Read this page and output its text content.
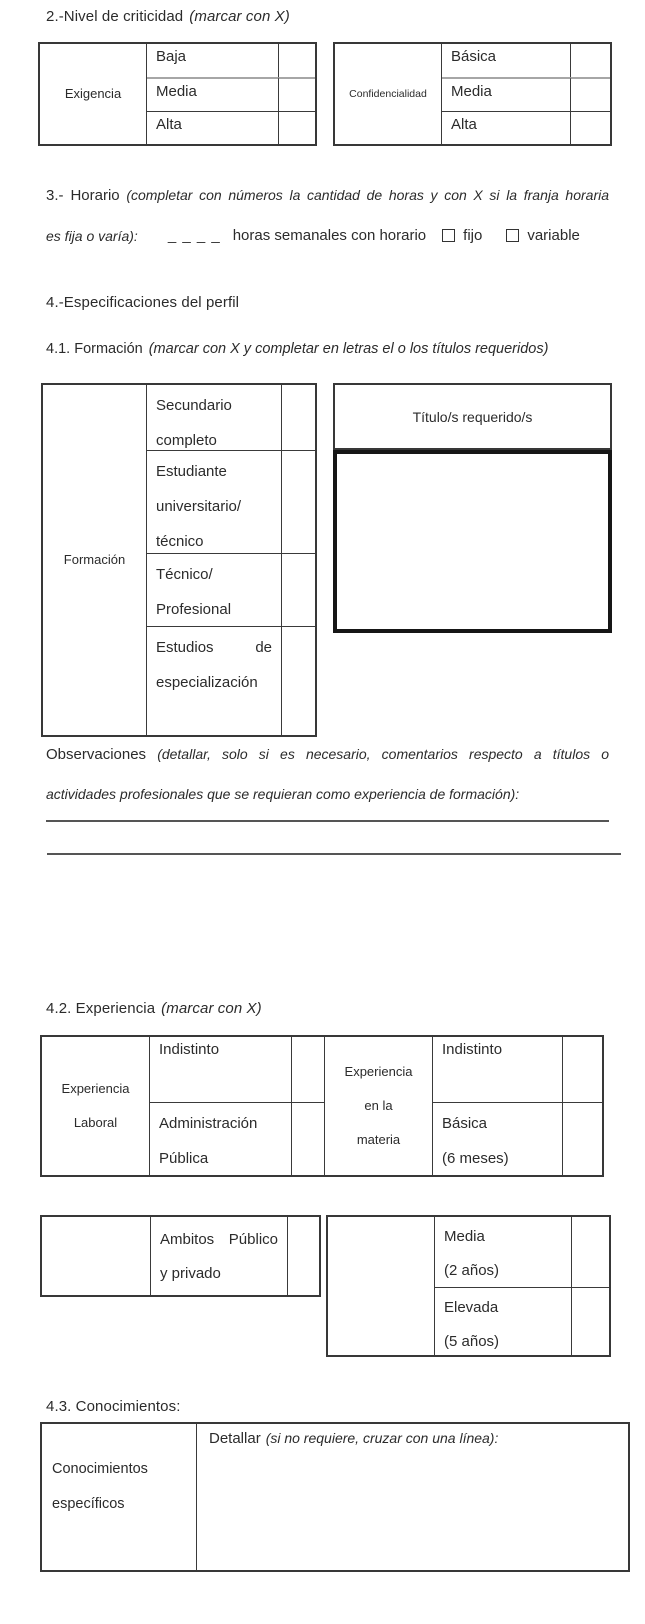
2.-Nivel de criticidad (marcar con X)
Exigencia
Baja
Media
Alta
Confidencialidad
Básica
Media
Alta
3.- Horario (completar con números la cantidad de horas y con X si la franja horaria
es fija o varía): _ _ _ _ horas semanales con horario fijo	variable
4.-Especificaciones del perfil
4.1. Formación (marcar con X y completar en letras el o los títulos requeridos)
Formación
Secundario
completo
Estudiante
universitario/
técnico
Técnico/
Profesional
Estudios	de
especialización
Título/s requerido/s
Observaciones (detallar, solo si es necesario, comentarios respecto a títulos o
actividades profesionales que se requieran como experiencia de formación):
4.2. Experiencia (marcar con X)
Experiencia
Laboral
Indistinto
Experiencia
en la
materia
Indistinto
Administración
Pública
Básica
(6 meses)
Ambitos Público
y privado
Media
(2 años)
Elevada
(5 años)
4.3. Conocimientos:
Conocimientos
específicos
Detallar (si no requiere, cruzar con una línea):
